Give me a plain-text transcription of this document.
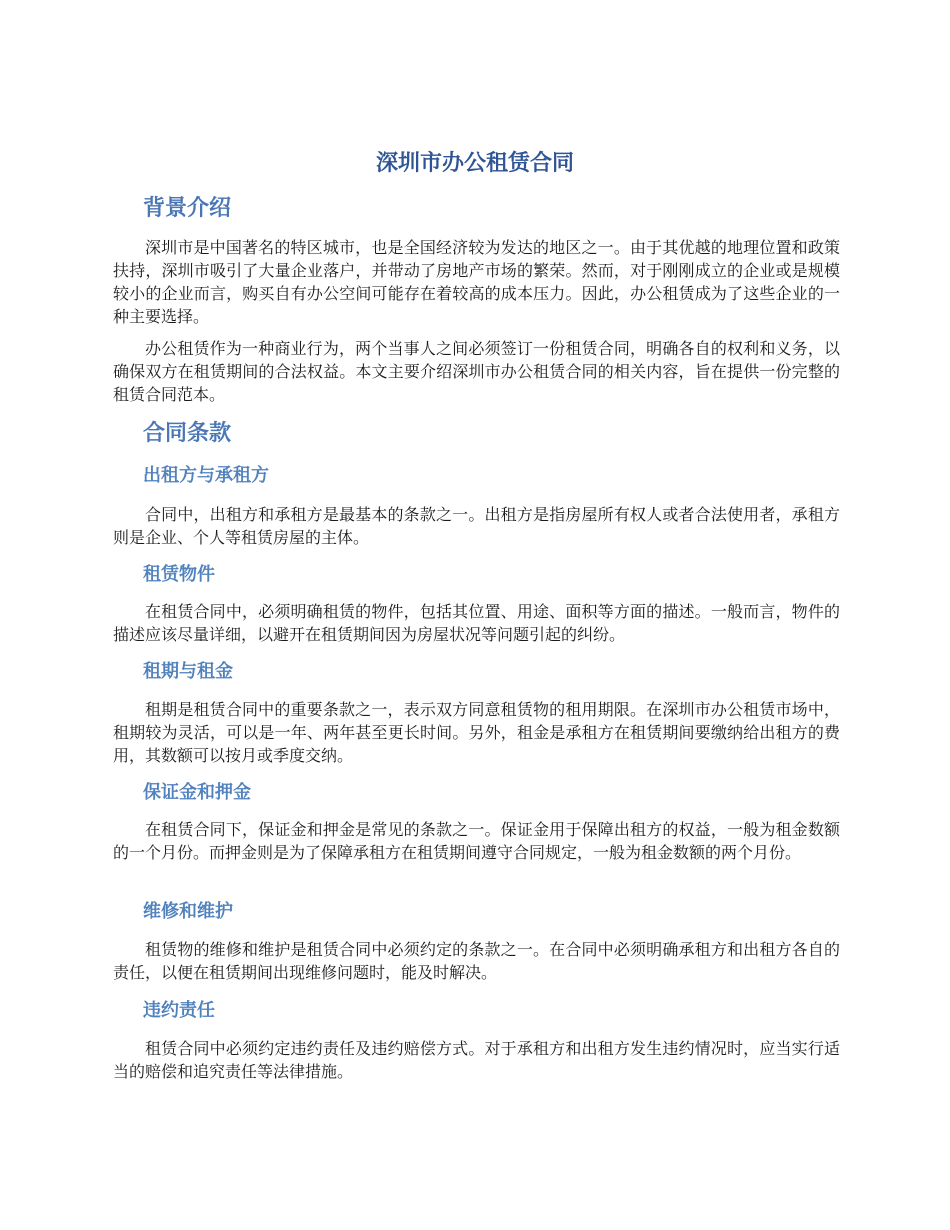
深圳市办公租赁合同
背景介绍

深圳市是中国著名的特区城市，也是全国经济较为发达的地区之一。由于其优越的地理位置和政策扶持，深圳市吸引了大量企业落户，并带动了房地产市场的繁荣。然而，对于刚刚成立的企业或是规模较小的企业而言，购买自有办公空间可能存在着较高的成本压力。因此，办公租赁成为了这些企业的一种主要选择。

办公租赁作为一种商业行为，两个当事人之间必须签订一份租赁合同，明确各自的权利和义务，以确保双方在租赁期间的合法权益。本文主要介绍深圳市办公租赁合同的相关内容，旨在提供一份完整的租赁合同范本。

合同条款
出租方与承租方

合同中，出租方和承租方是最基本的条款之一。出租方是指房屋所有权人或者合法使用者，承租方则是企业、个人等租赁房屋的主体。

租赁物件

在租赁合同中，必须明确租赁的物件，包括其位置、用途、面积等方面的描述。一般而言，物件的描述应该尽量详细，以避开在租赁期间因为房屋状况等问题引起的纠纷。

租期与租金

租期是租赁合同中的重要条款之一，表示双方同意租赁物的租用期限。在深圳市办公租赁市场中，租期较为灵活，可以是一年、两年甚至更长时间。另外，租金是承租方在租赁期间要缴纳给出租方的费用，其数额可以按月或季度交纳。

保证金和押金

在租赁合同下，保证金和押金是常见的条款之一。保证金用于保障出租方的权益，一般为租金数额的一个月份。而押金则是为了保障承租方在租赁期间遵守合同规定，一般为租金数额的两个月份。

维修和维护

租赁物的维修和维护是租赁合同中必须约定的条款之一。在合同中必须明确承租方和出租方各自的责任，以便在租赁期间出现维修问题时，能及时解决。

违约责任

租赁合同中必须约定违约责任及违约赔偿方式。对于承租方和出租方发生违约情况时，应当实行适当的赔偿和追究责任等法律措施。
